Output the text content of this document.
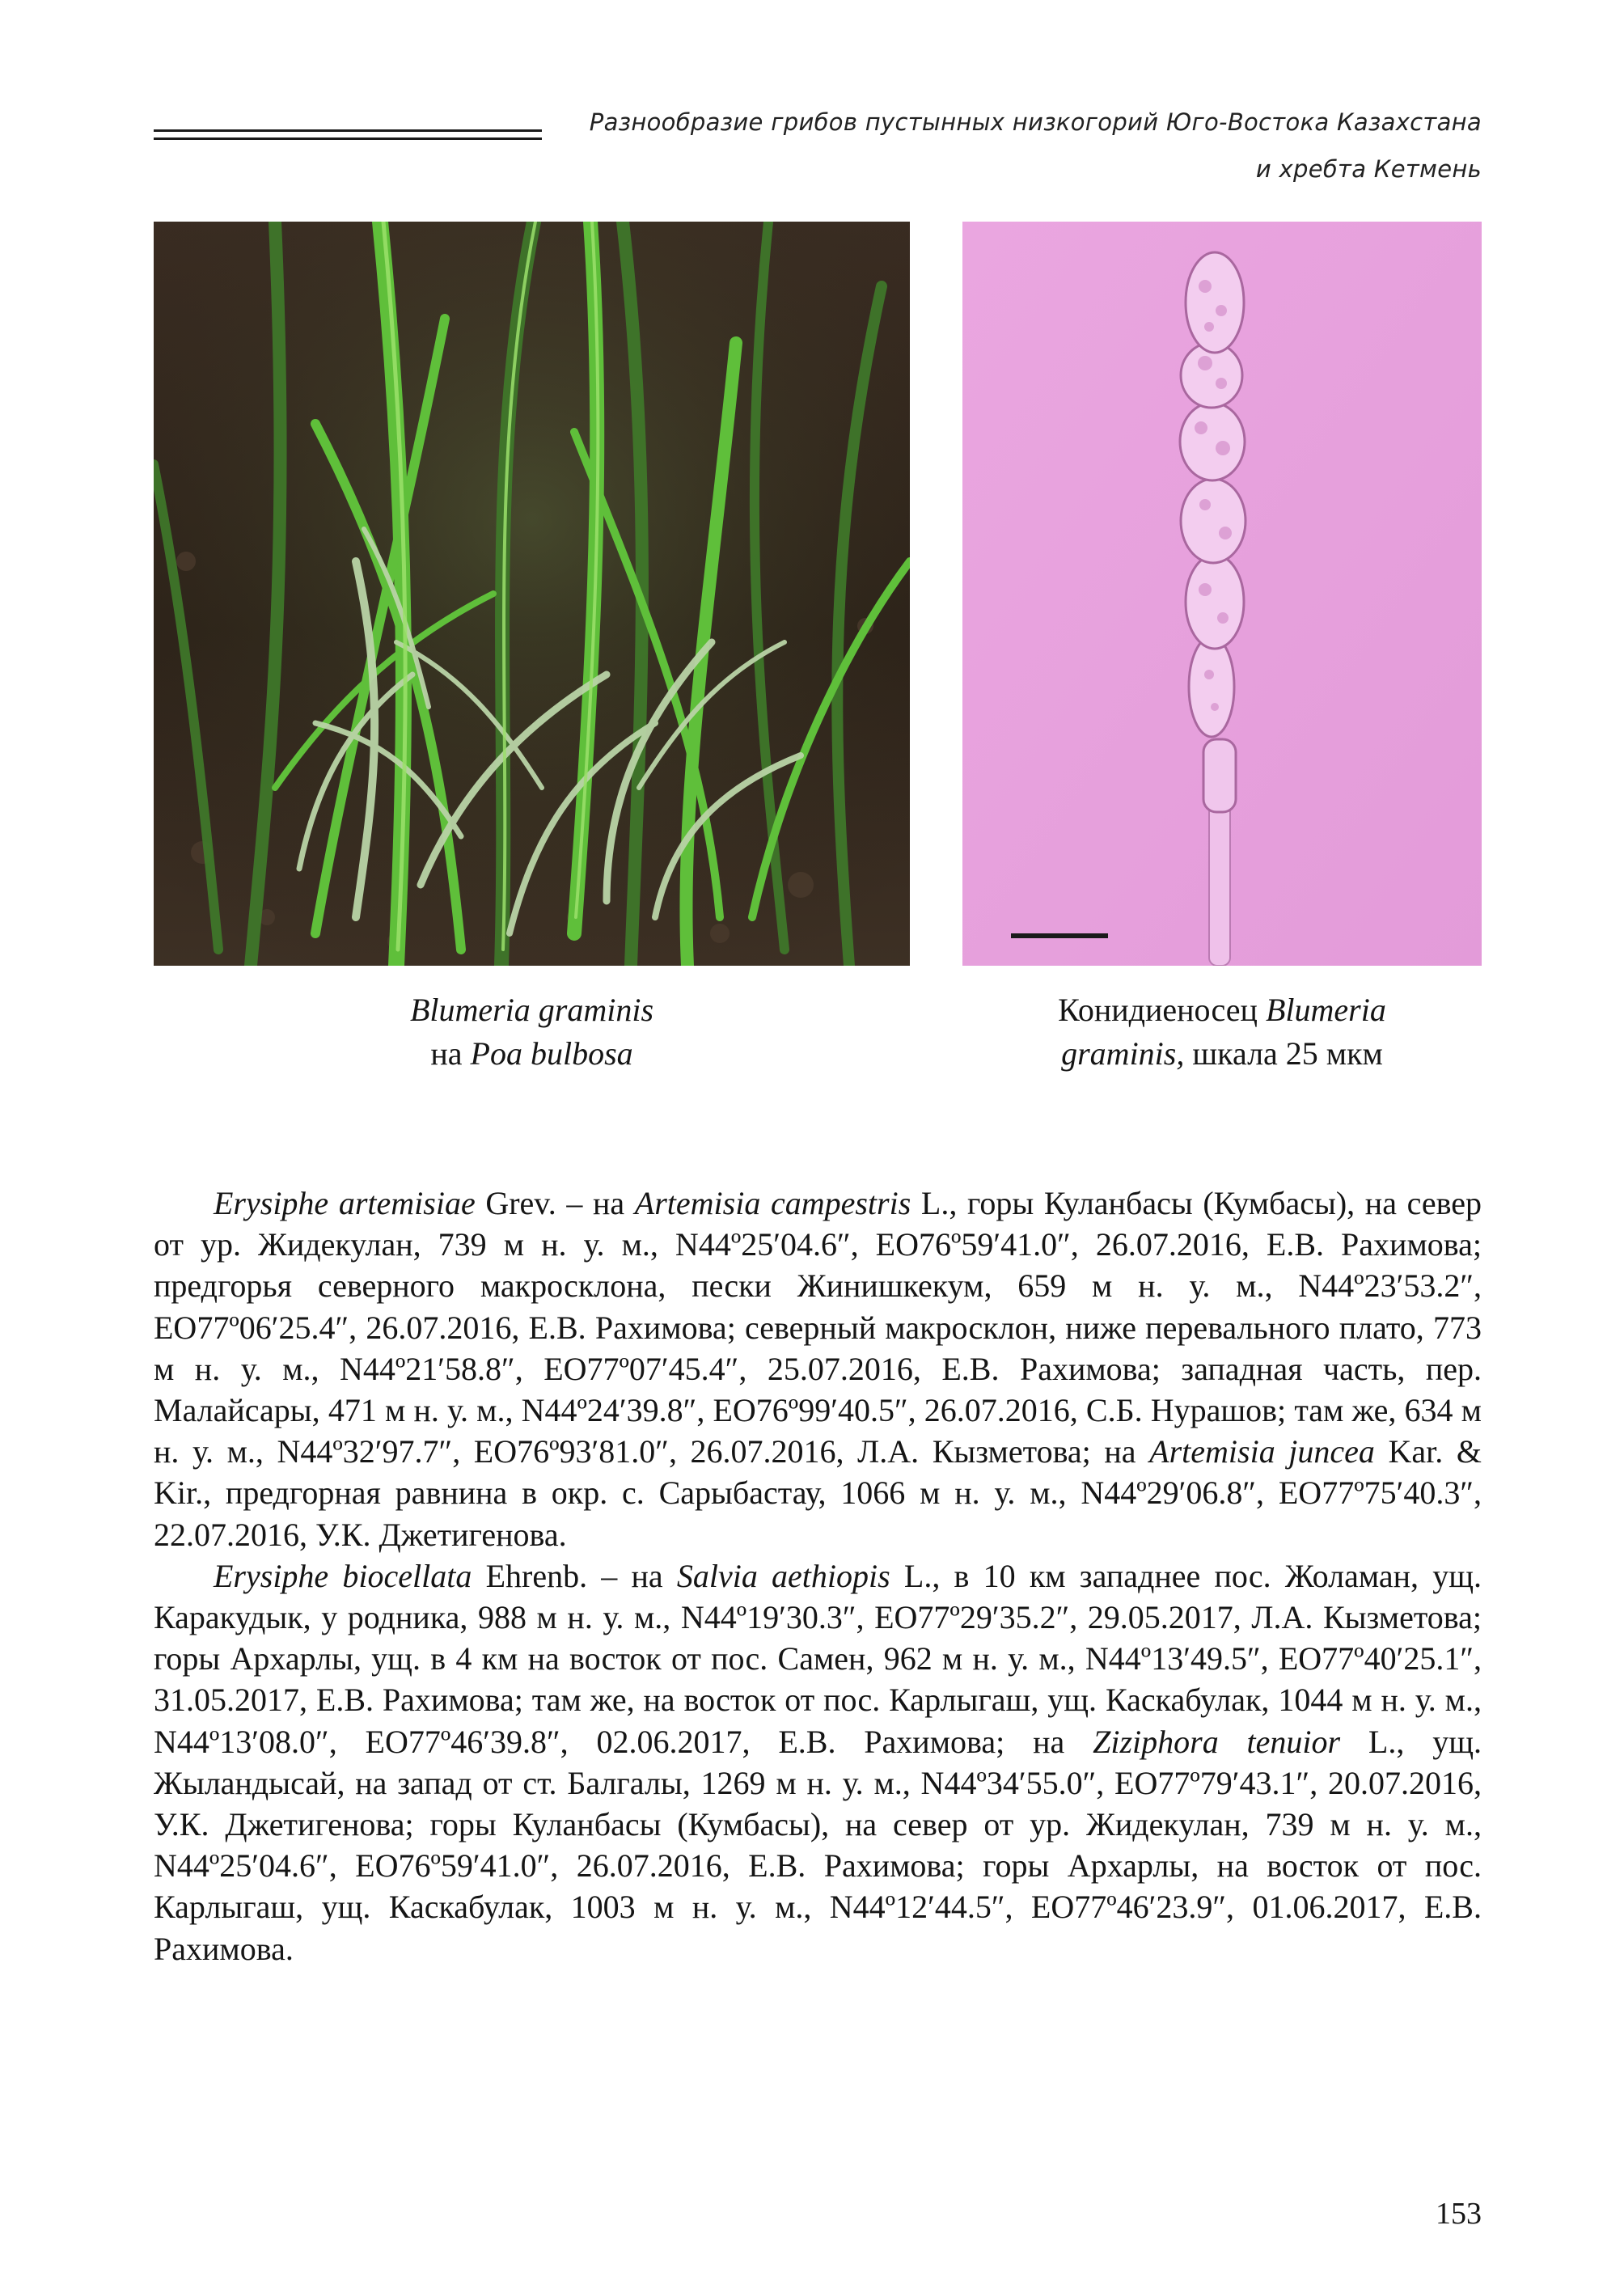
Разнообразие грибов пустынных низкогорий Юго-Востока Казахстана
и хребта Кетмень
Blumeria graminis
на Poa bulbosa
Конидиеносец Blumeria
graminis, шкала 25 мкм

Erysiphe artemisiae Grev. – на Artemisia campestris L., горы Куланбасы (Кумбасы), на север от ур. Жидекулан, 739 м н. у. м., N44º25′04.6″, EO76º59′41.0″, 26.07.2016, Е.В. Рахимова; предгорья северного макросклона, пески Жинишкекум, 659 м н. у. м., N44º23′53.2″, EO77º06′25.4″, 26.07.2016, Е.В. Рахимова; северный макросклон, ниже перевального плато, 773 м н. у. м., N44º21′58.8″, EO77º07′45.4″, 25.07.2016, Е.В. Рахимова; западная часть, пер. Малайсары, 471 м н. у. м., N44º24′39.8″, EO76º99′40.5″, 26.07.2016, С.Б. Нурашов; там же, 634 м н. у. м., N44º32′97.7″, EO76º93′81.0″, 26.07.2016, Л.А. Кызметова; на Artemisia juncea Kar. & Kir., предгорная равнина в окр. с. Сарыбастау, 1066 м н. у. м., N44º29′06.8″, EO77º75′40.3″, 22.07.2016, У.К. Джетигенова.

Erysiphe biocellata Ehrenb. – на Salvia aethiopis L., в 10 км западнее пос. Жоламан, ущ. Каракудык, у родника, 988 м н. у. м., N44º19′30.3″, EO77º29′35.2″, 29.05.2017, Л.А. Кызметова; горы Архарлы, ущ. в 4 км на восток от пос. Самен, 962 м н. у. м., N44º13′49.5″, EO77º40′25.1″, 31.05.2017, Е.В. Рахимова; там же, на восток от пос. Карлыгаш, ущ. Каскабулак, 1044 м н. у. м., N44º13′08.0″, EO77º46′39.8″, 02.06.2017, Е.В. Рахимова; на Ziziphora tenuior L., ущ. Жыландысай, на запад от ст. Балгалы, 1269 м н. у. м., N44º34′55.0″, EO77º79′43.1″, 20.07.2016, У.К. Джетигенова; горы Куланбасы (Кумбасы), на север от ур. Жидекулан, 739 м н. у. м., N44º25′04.6″, EO76º59′41.0″, 26.07.2016, Е.В. Рахимова; горы Архарлы, на восток от пос. Карлыгаш, ущ. Каскабулак, 1003 м н. у. м., N44º12′44.5″, EO77º46′23.9″, 01.06.2017, Е.В. Рахимова.

153
